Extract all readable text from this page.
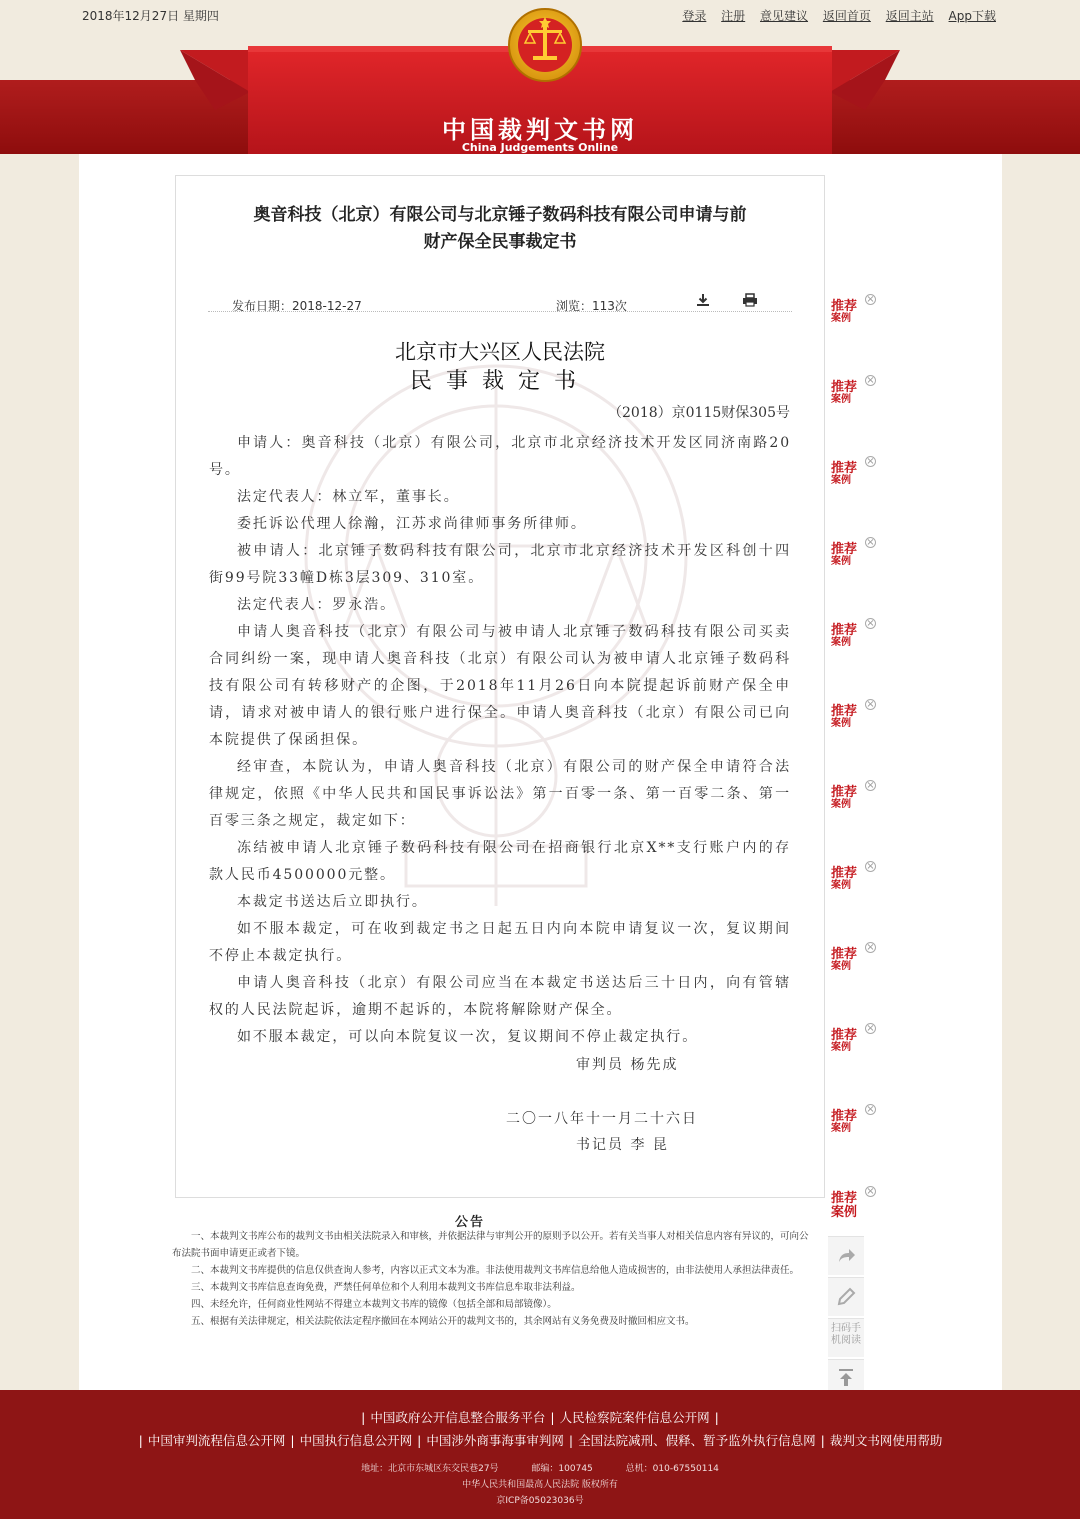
2018年12月27日 星期四	登录 注册 意见建议 返回首页 返回主站 App下载
中国裁判文书网
China Judgements Online
奥音科技（北京）有限公司与北京锤子数码科技有限公司申请与前
财产保全民事裁定书
发布日期：2018-12-27	浏览：113次
北京市大兴区人民法院
民事裁定书
（2018）京0115财保305号

申请人：奥音科技（北京）有限公司，北京市北京经济技术开发区同济南路20号。

法定代表人：林立军，董事长。

委托诉讼代理人徐瀚，江苏求尚律师事务所律师。

被申请人：北京锤子数码科技有限公司，北京市北京经济技术开发区科创十四街99号院33幢D栋3层309、310室。

法定代表人：罗永浩。

申请人奥音科技（北京）有限公司与被申请人北京锤子数码科技有限公司买卖合同纠纷一案，现申请人奥音科技（北京）有限公司认为被申请人北京锤子数码科技有限公司有转移财产的企图，于2018年11月26日向本院提起诉前财产保全申请，请求对被申请人的银行账户进行保全。申请人奥音科技（北京）有限公司已向本院提供了保函担保。

经审查，本院认为，申请人奥音科技（北京）有限公司的财产保全申请符合法律规定，依照《中华人民共和国民事诉讼法》第一百零一条、第一百零二条、第一百零三条之规定，裁定如下：

冻结被申请人北京锤子数码科技有限公司在招商银行北京X**支行账户内的存款人民币4500000元整。

本裁定书送达后立即执行。

如不服本裁定，可在收到裁定书之日起五日内向本院申请复议一次，复议期间不停止本裁定执行。

申请人奥音科技（北京）有限公司应当在本裁定书送达后三十日内，向有管辖权的人民法院起诉，逾期不起诉的，本院将解除财产保全。

如不服本裁定，可以向本院复议一次，复议期间不停止裁定执行。

审判员 杨先成
二〇一八年十一月二十六日
书记员 李 昆
推荐
案例
×
推荐
案例
×
推荐
案例
×
推荐
案例
×
推荐
案例
×
推荐
案例
×
推荐
案例
×
推荐
案例
×
推荐
案例
×
推荐
案例
×
推荐
案例
×
推荐
案例
×
扫码手机阅读
公告

一、本裁判文书库公布的裁判文书由相关法院录入和审核，并依据法律与审判公开的原则予以公开。若有关当事人对相关信息内容有异议的，可向公布法院书面申请更正或者下镜。

二、本裁判文书库提供的信息仅供查询人参考，内容以正式文本为准。非法使用裁判文书库信息给他人造成损害的，由非法使用人承担法律责任。

三、本裁判文书库信息查询免费，严禁任何单位和个人利用本裁判文书库信息牟取非法利益。

四、未经允许，任何商业性网站不得建立本裁判文书库的镜像（包括全部和局部镜像）。

五、根据有关法律规定，相关法院依法定程序撤回在本网站公开的裁判文书的，其余网站有义务免费及时撤回相应文书。

| 中国政府公开信息整合服务平台 | 人民检察院案件信息公开网 |
| 中国审判流程信息公开网 | 中国执行信息公开网 | 中国涉外商事海事审判网 | 全国法院减刑、假释、暂予监外执行信息网 | 裁判文书网使用帮助
地址：北京市东城区东交民巷27号	邮编：100745	总机：010-67550114
中华人民共和国最高人民法院 版权所有
京ICP备05023036号
